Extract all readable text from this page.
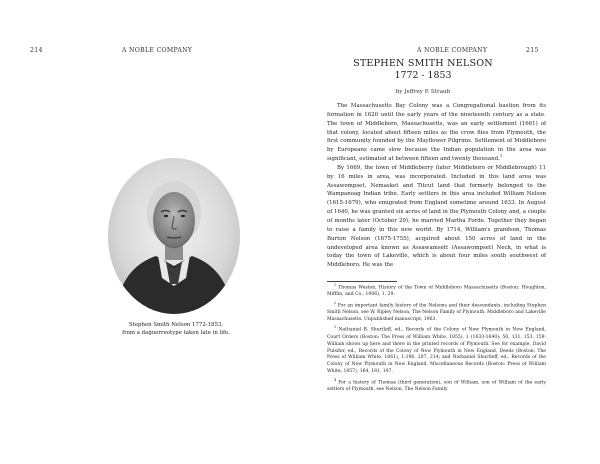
214	A NOBLE COMPANY
Stephen Smith Nelson 1772-1853,
from a daguerreotype taken late in life.
A NOBLE COMPANY	215
STEPHEN SMITH NELSON
1772 - 1853
by Jeffrey P. Straub

The Massachusetts Bay Colony was a Congregational bastion from its formation in 1620 until the early years of the nineteenth century as a state. The town of Middleboro, Massachusetts, was an early settlement (1661) of that colony, located about fifteen miles as the crow flies from Plymouth, the first community founded by the Mayflower Pilgrims. Settlement of Middleboro by Europeans came slow because the Indian population in the area was significant, estimated at between fifteen and twenty thousand.$^1$

By 1669, the town of Middleberry (later Middleboro or Middlebrough) 11 by 16 miles in area, was incorporated. Included in this land area was Assawompset, Nemasket and Titcut land that formerly belonged to the Wampanoag Indian tribe. Early settlers in this area included William Nelson (1615-1679), who emigrated from England sometime around 1633. In August of 1640, he was granted six acres of land in the Plymouth Colony and, a couple of months later (October 29), he married Martha Forde. Together they began to raise a family in this new world. By 1714, William's grandson, Thomas Burton Nelson (1675-1755), acquired about 150 acres of land in the undeveloped area known as Assawamsett (Assawompset) Neck, in what is today the town of Lakeville, which is about four miles south southwest of Middleboro. He was the

$^1$ Thomas Weston, History of the Town of Middleboro Massachusetts (Boston: Houghton, Mifflin, and Co., 1906), 1, 29.

$^2$ For an important family history of the Nelsons and their descendants, including Stephen Smith Nelson, see W. Ripley Nelson, The Nelson Family of Plymouth, Middleboro and Lakeville Massachusetts. Unpublished manuscript, 1963.

$^3$ Nathaniel B. Shurtleff, ed., Records of the Colony of New Plymouth in New England, Court Orders (Boston: The Press of William White, 1855), 1 (1633-1640): 50, 131, 153, 159. William shows up here and there in the printed records of Plymouth. See for example, David Pulsifer, ed., Records of the Colony of New Plymouth in New England, Deeds (Boston: The Press of William White, 1861), 1:196, 207, 214; and Nathaniel Shurtleff, ed., Records of the Colony of New Plymouth in New England, Miscellaneous Records (Boston: Press of William White, 1857), 164, 181, 197.

$^4$ For a history of Thomas (third generation), son of William, son of William of the early settlers of Plymouth, see Nelson, The Nelson Family
